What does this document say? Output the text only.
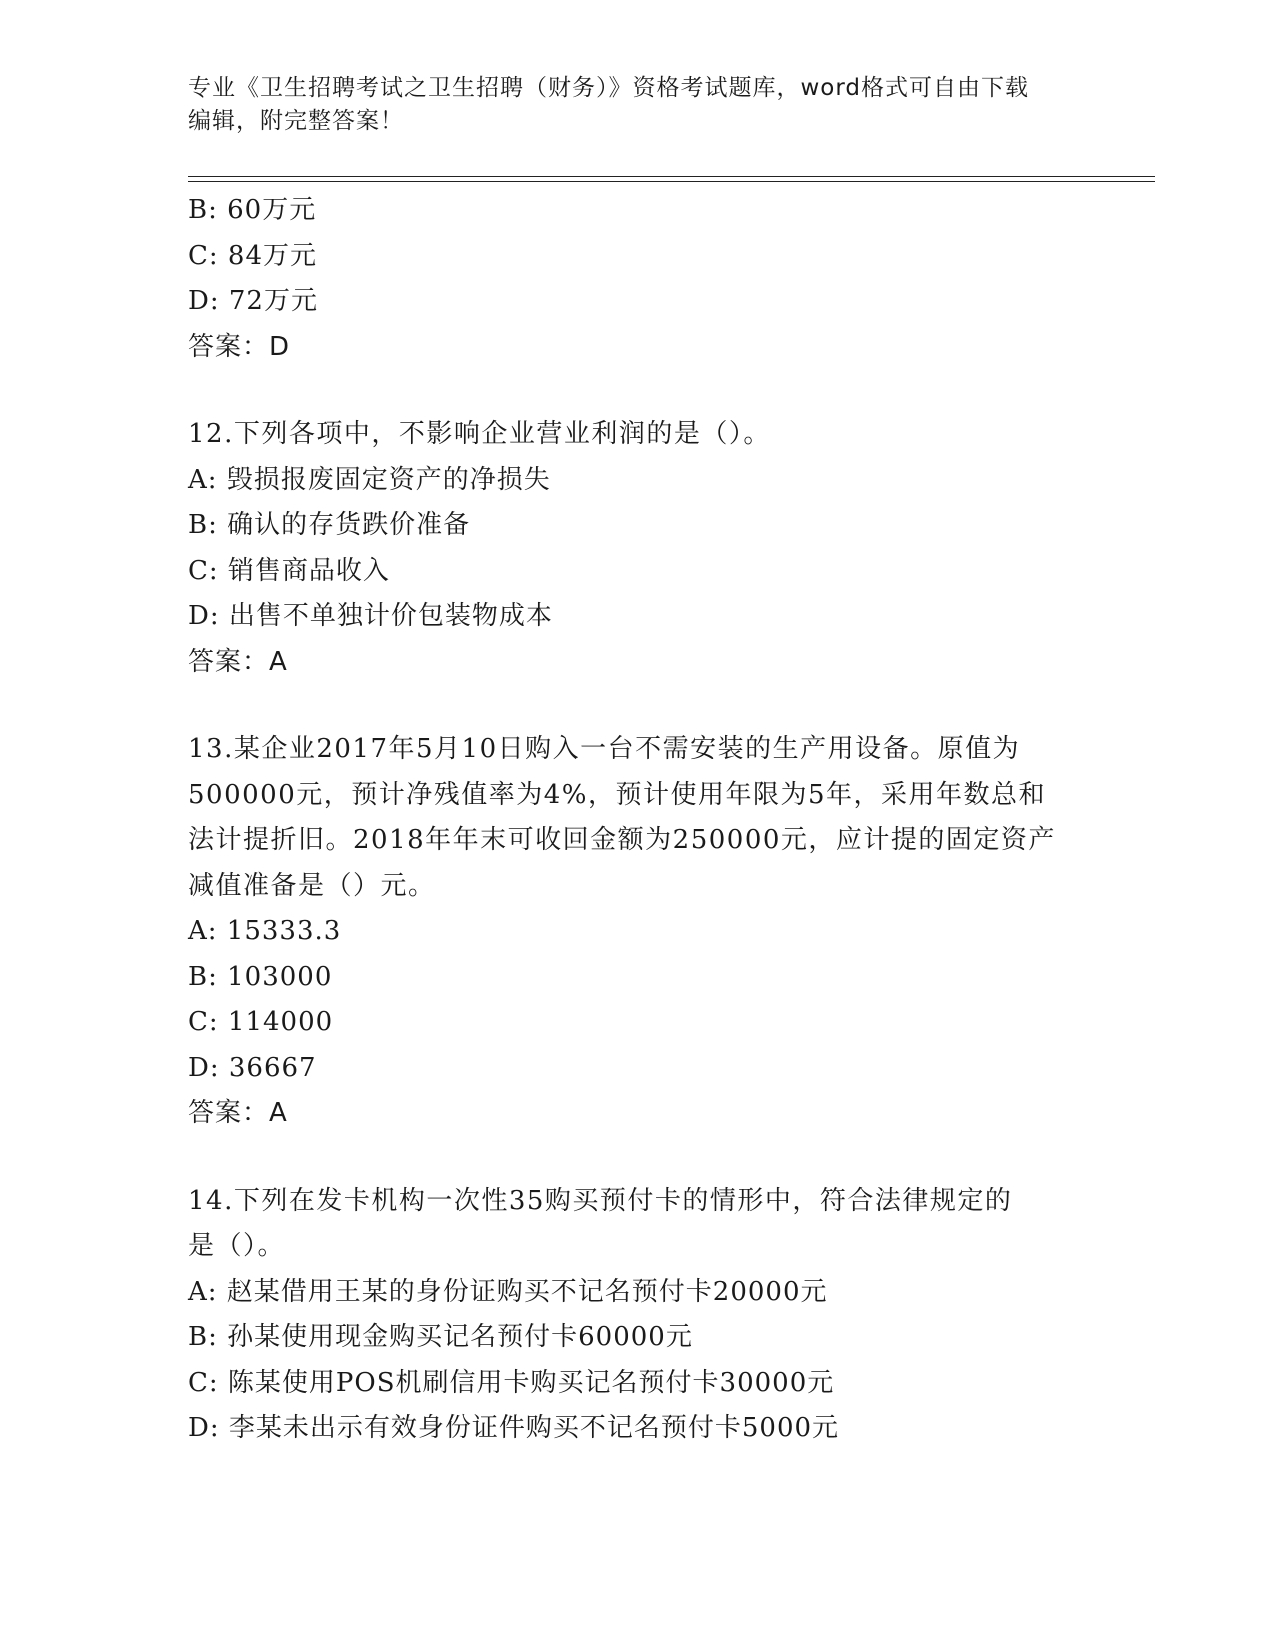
专业《卫生招聘考试之卫生招聘（财务）》资格考试题库，word格式可自由下载
编辑，附完整答案！
B: 60万元
C: 84万元
D: 72万元
答案：D
12.下列各项中，不影响企业营业利润的是（）。
A: 毁损报废固定资产的净损失
B: 确认的存货跌价准备
C: 销售商品收入
D: 出售不单独计价包装物成本
答案：A
13.某企业2017年5月10日购入一台不需安装的生产用设备。原值为
500000元，预计净残值率为4%，预计使用年限为5年，采用年数总和
法计提折旧。2018年年末可收回金额为250000元，应计提的固定资产
减值准备是（）元。
A: 15333.3
B: 103000
C: 114000
D: 36667
答案：A
14.下列在发卡机构一次性35购买预付卡的情形中，符合法律规定的
是（）。
A: 赵某借用王某的身份证购买不记名预付卡20000元
B: 孙某使用现金购买记名预付卡60000元
C: 陈某使用POS机刷信用卡购买记名预付卡30000元
D: 李某未出示有效身份证件购买不记名预付卡5000元
